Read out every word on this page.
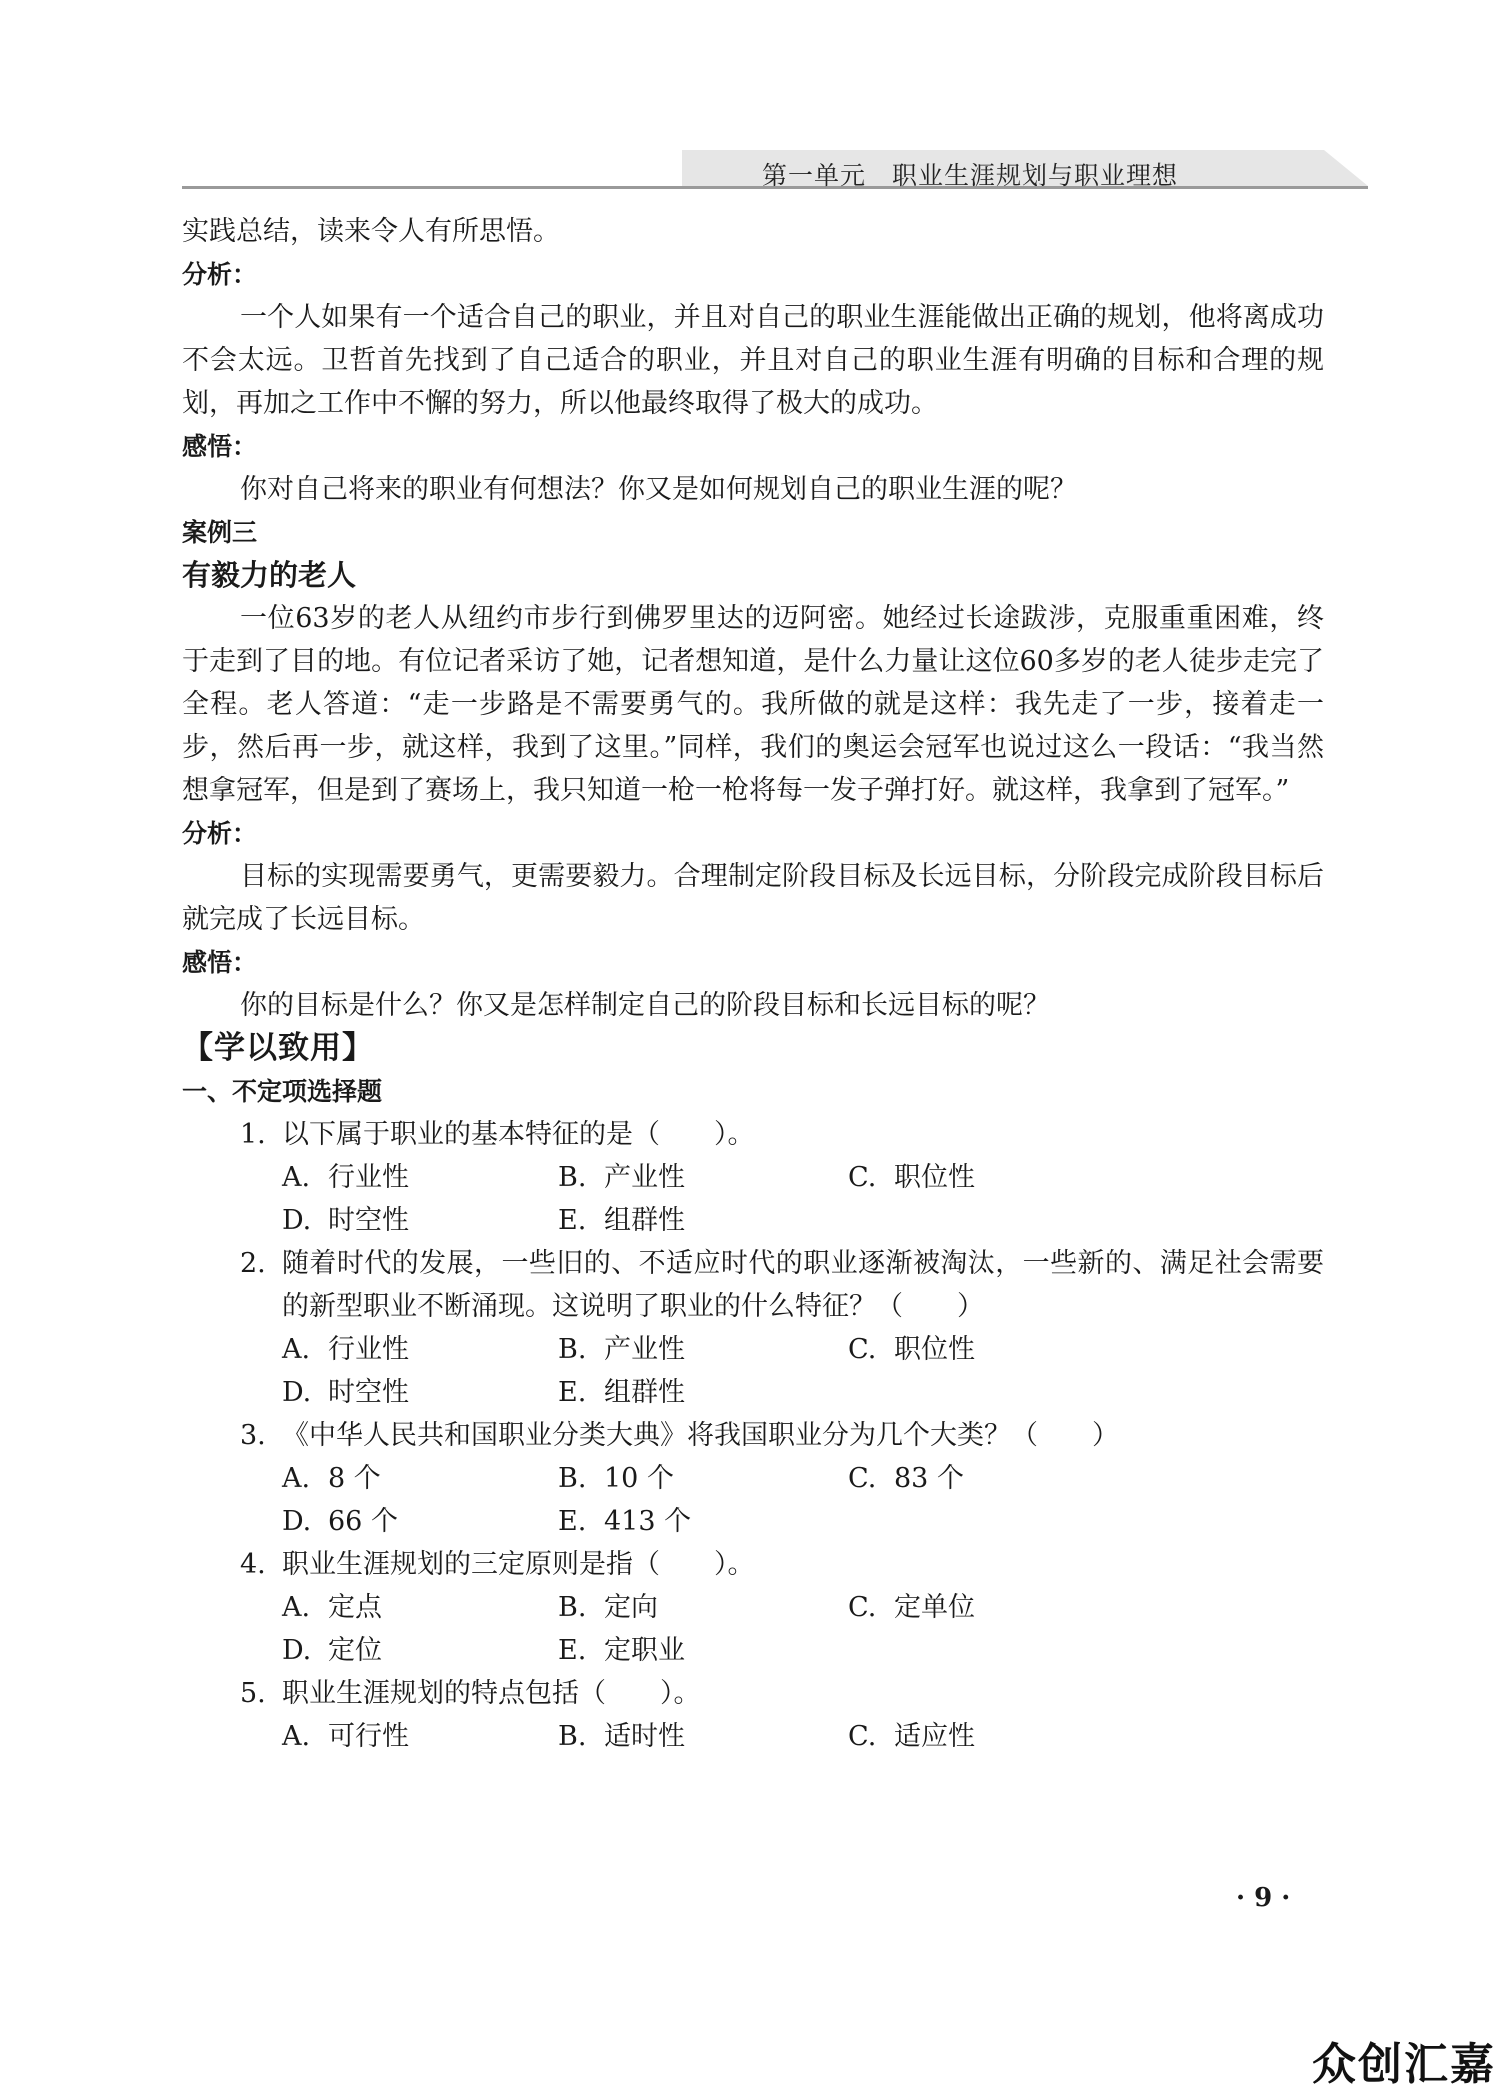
第一单元　职业生涯规划与职业理想

实践总结，读来令人有所思悟。

分析：

一个人如果有一个适合自己的职业，并且对自己的职业生涯能做出正确的规划，他将离成功不会太远。卫哲首先找到了自己适合的职业，并且对自己的职业生涯有明确的目标和合理的规划，再加之工作中不懈的努力，所以他最终取得了极大的成功。

感悟：

你对自己将来的职业有何想法？你又是如何规划自己的职业生涯的呢？

案例三

有毅力的老人

一位63岁的老人从纽约市步行到佛罗里达的迈阿密。她经过长途跋涉，克服重重困难，终于走到了目的地。有位记者采访了她，记者想知道，是什么力量让这位60多岁的老人徒步走完了全程。老人答道：“走一步路是不需要勇气的。我所做的就是这样：我先走了一步，接着走一步，然后再一步，就这样，我到了这里。”同样，我们的奥运会冠军也说过这么一段话：“我当然想拿冠军，但是到了赛场上，我只知道一枪一枪将每一发子弹打好。就这样，我拿到了冠军。”

分析：

目标的实现需要勇气，更需要毅力。合理制定阶段目标及长远目标，分阶段完成阶段目标后就完成了长远目标。

感悟：

你的目标是什么？你又是怎样制定自己的阶段目标和长远目标的呢？

【学以致用】

一、不定项选择题

1. 以下属于职业的基本特征的是（　　）。
A. 行业性	B. 产业性	C. 职位性
D. 时空性	E. 组群性
2. 随着时代的发展，一些旧的、不适应时代的职业逐渐被淘汰，一些新的、满足社会需要的新型职业不断涌现。这说明了职业的什么特征？（　　）
A. 行业性	B. 产业性	C. 职位性
D. 时空性	E. 组群性
3. 《中华人民共和国职业分类大典》将我国职业分为几个大类？（　　）
A. 8 个	B. 10 个	C. 83 个
D. 66 个	E. 413 个
4. 职业生涯规划的三定原则是指（　　）。
A. 定点	B. 定向	C. 定单位
D. 定位	E. 定职业
5. 职业生涯规划的特点包括（　　）。
A. 可行性	B. 适时性	C. 适应性
· 9 ·
众创汇嘉
